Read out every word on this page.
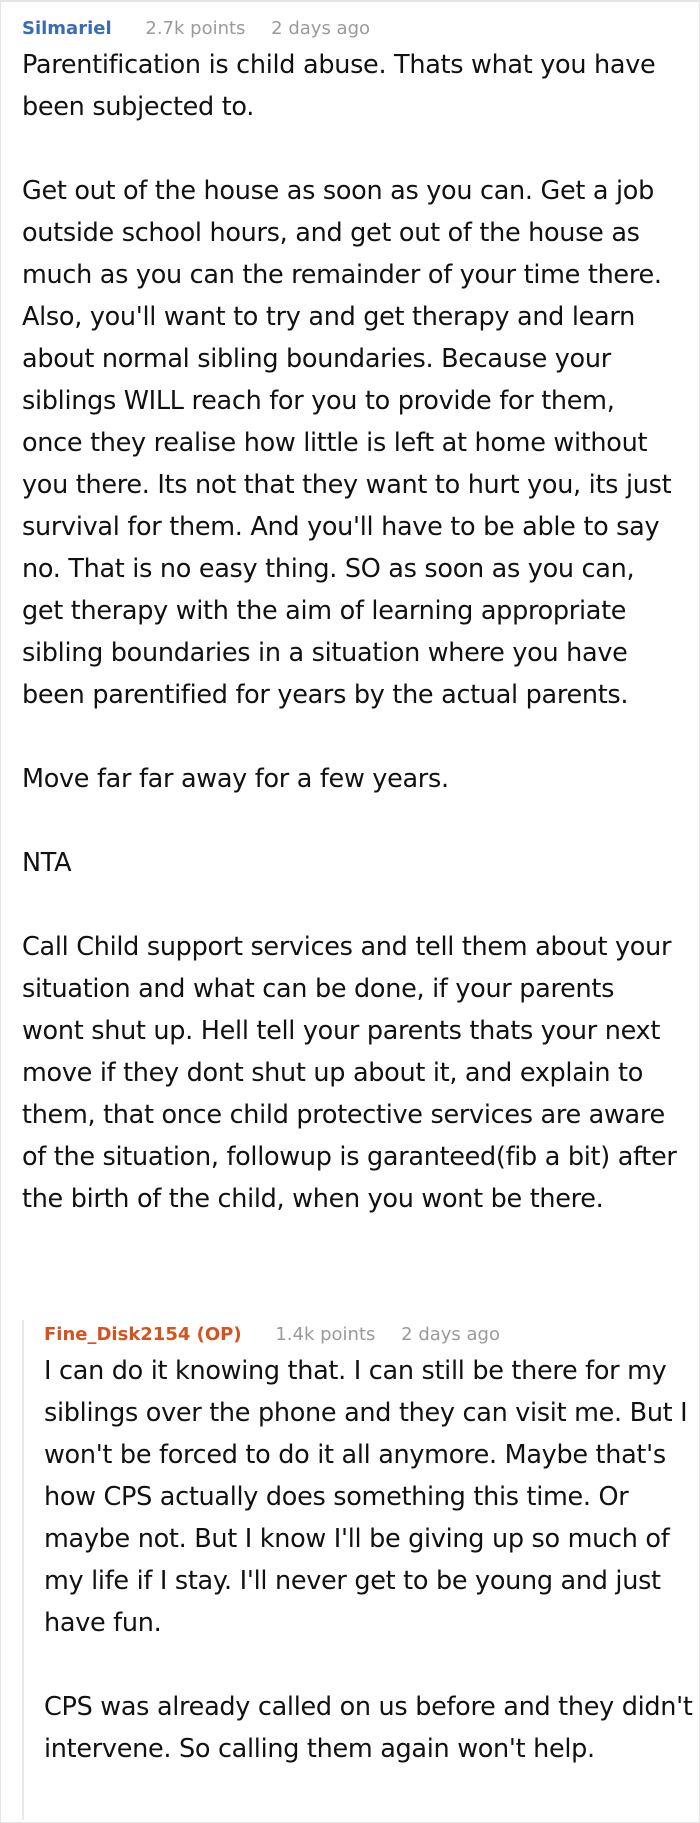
Silmariel 2.7k points 2 days ago

Parentification is child abuse. Thats what you have been subjected to.

Get out of the house as soon as you can. Get a job outside school hours, and get out of the house as much as you can the remainder of your time there. Also, you'll want to try and get therapy and learn about normal sibling boundaries. Because your siblings WILL reach for you to provide for them, once they realise how little is left at home without you there. Its not that they want to hurt you, its just survival for them. And you'll have to be able to say no. That is no easy thing. SO as soon as you can, get therapy with the aim of learning appropriate sibling boundaries in a situation where you have been parentified for years by the actual parents.

Move far far away for a few years.

NTA

Call Child support services and tell them about your situation and what can be done, if your parents wont shut up. Hell tell your parents thats your next move if they dont shut up about it, and explain to them, that once child protective services are aware of the situation, followup is garanteed(fib a bit) after the birth of the child, when you wont be there.

Fine_Disk2154 (OP) 1.4k points 2 days ago

I can do it knowing that. I can still be there for my siblings over the phone and they can visit me. But I won't be forced to do it all anymore. Maybe that's how CPS actually does something this time. Or maybe not. But I know I'll be giving up so much of my life if I stay. I'll never get to be young and just have fun.

CPS was already called on us before and they didn't intervene. So calling them again won't help.
